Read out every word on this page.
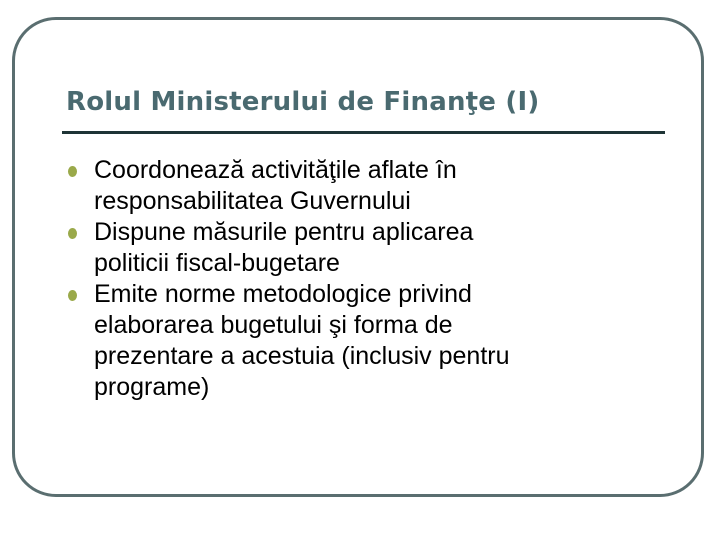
Rolul Ministerului de Finanţe (I)
Coordonează activităţile aflate în
responsabilitatea Guvernului
Dispune măsurile pentru aplicarea
politicii fiscal-bugetare
Emite norme metodologice privind
elaborarea bugetului şi forma de
prezentare a acestuia (inclusiv pentru
programe)
